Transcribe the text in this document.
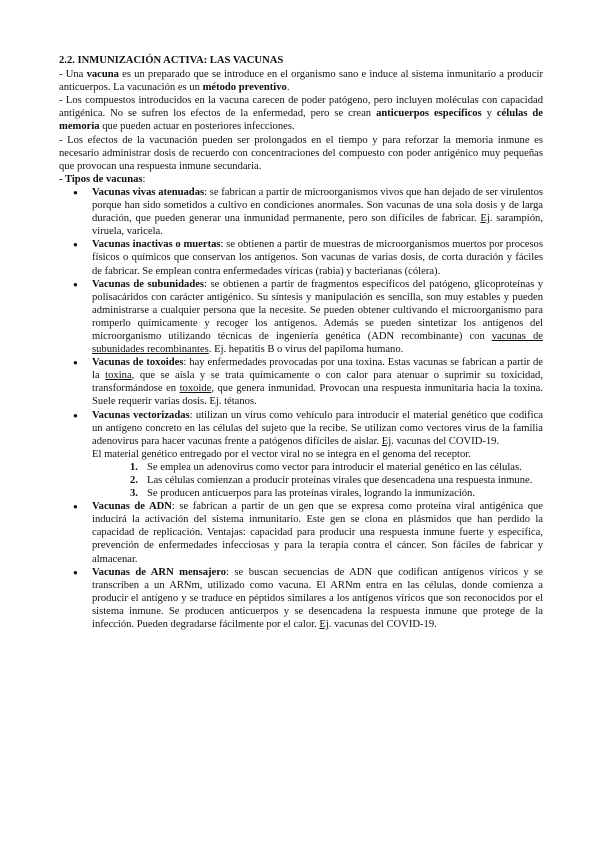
2.2. INMUNIZACIÓN ACTIVA: LAS VACUNAS

- Una vacuna es un preparado que se introduce en el organismo sano e induce al sistema inmunitario a producir anticuerpos. La vacunación es un método preventivo.

- Los compuestos introducidos en la vacuna carecen de poder patógeno, pero incluyen moléculas con capacidad antigénica. No se sufren los efectos de la enfermedad, pero se crean anticuerpos específicos y células de memoria que pueden actuar en posteriores infecciones.

- Los efectos de la vacunación pueden ser prolongados en el tiempo y para reforzar la memoria inmune es necesario administrar dosis de recuerdo con concentraciones del compuesto con poder antigénico muy pequeñas que provocan una respuesta inmune secundaria.

- Tipos de vacunas:

● Vacunas vivas atenuadas: se fabrican a partir de microorganismos vivos que han dejado de ser virulentos porque han sido sometidos a cultivo en condiciones anormales. Son vacunas de una sola dosis y de larga duración, que pueden generar una inmunidad permanente, pero son difíciles de fabricar. Ej. sarampión, viruela, varicela.
● Vacunas inactivas o muertas: se obtienen a partir de muestras de microorganismos muertos por procesos físicos o químicos que conservan los antígenos. Son vacunas de varias dosis, de corta duración y fáciles de fabricar. Se emplean contra enfermedades víricas (rabia) y bacterianas (cólera).
● Vacunas de subunidades: se obtienen a partir de fragmentos específicos del patógeno, glicoproteínas y polisacáridos con carácter antigénico. Su síntesis y manipulación es sencilla, son muy estables y pueden administrarse a cualquier persona que la necesite. Se pueden obtener cultivando el microorganismo para romperlo químicamente y recoger los antígenos. Además se pueden sintetizar los antígenos del microorganismo utilizando técnicas de ingeniería genética (ADN recombinante) con vacunas de subunidades recombinantes. Ej. hepatitis B o virus del papiloma humano.
● Vacunas de toxoides: hay enfermedades provocadas por una toxina. Estas vacunas se fabrican a partir de la toxina, que se aísla y se trata químicamente o con calor para atenuar o suprimir su toxicidad, transformándose en toxoide, que genera inmunidad. Provocan una respuesta inmunitaria hacia la toxina. Suele requerir varias dosis. Ej. tétanos.
● Vacunas vectorizadas: utilizan un virus como vehículo para introducir el material genético que codifica un antígeno concreto en las células del sujeto que la recibe. Se utilizan como vectores virus de la familia adenovirus para hacer vacunas frente a patógenos difíciles de aislar. Ej. vacunas del COVID-19.

El material genético entregado por el vector viral no se integra en el genoma del receptor.

1. Se emplea un adenovirus como vector para introducir el material genético en las células.
2. Las células comienzan a producir proteínas virales que desencadena una respuesta inmune.
3. Se producen anticuerpos para las proteínas virales, logrando la inmunización.
● Vacunas de ADN: se fabrican a partir de un gen que se expresa como proteína viral antigénica que inducirá la activación del sistema inmunitario. Este gen se clona en plásmidos que han perdido la capacidad de replicación. Ventajas: capacidad para producir una respuesta inmune fuerte y específica, prevención de enfermedades infecciosas y para la terapia contra el cáncer. Son fáciles de fabricar y almacenar.
● Vacunas de ARN mensajero: se buscan secuencias de ADN que codifican antígenos víricos y se transcriben a un ARNm, utilizado como vacuna. El ARNm entra en las células, donde comienza a producir el antígeno y se traduce en péptidos similares a los antígenos víricos que son reconocidos por el sistema inmune. Se producen anticuerpos y se desencadena la respuesta inmune que protege de la infección. Pueden degradarse fácilmente por el calor. Ej. vacunas del COVID-19.
